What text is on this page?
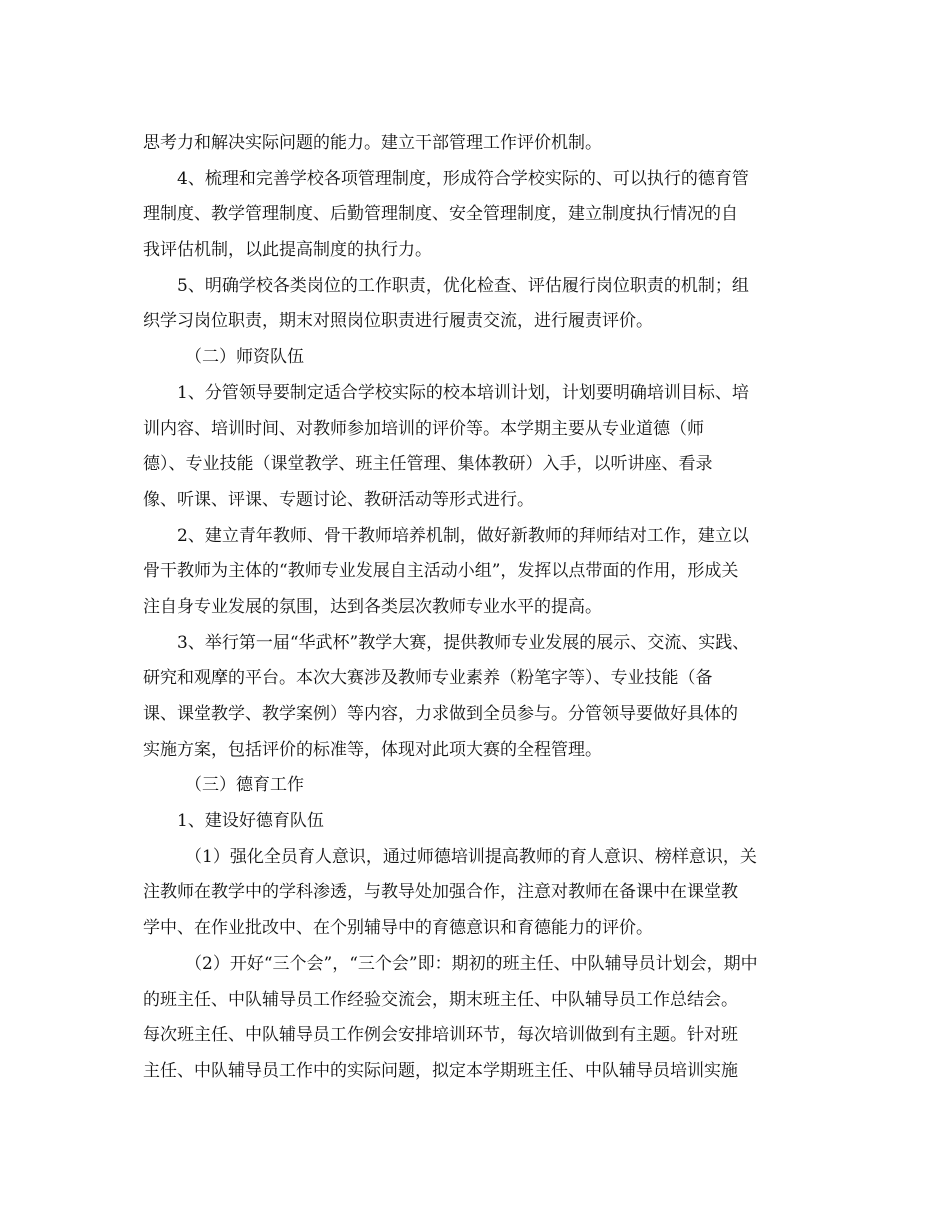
思考力和解决实际问题的能力。建立干部管理工作评价机制。
4、梳理和完善学校各项管理制度，形成符合学校实际的、可以执行的德育管
理制度、教学管理制度、后勤管理制度、安全管理制度，建立制度执行情况的自
我评估机制，以此提高制度的执行力。
5、明确学校各类岗位的工作职责，优化检查、评估履行岗位职责的机制；组
织学习岗位职责，期末对照岗位职责进行履责交流，进行履责评价。
（二）师资队伍
1、分管领导要制定适合学校实际的校本培训计划，计划要明确培训目标、培
训内容、培训时间、对教师参加培训的评价等。本学期主要从专业道德（师
德）、专业技能（课堂教学、班主任管理、集体教研）入手，以听讲座、看录
像、听课、评课、专题讨论、教研活动等形式进行。
2、建立青年教师、骨干教师培养机制，做好新教师的拜师结对工作，建立以
骨干教师为主体的“教师专业发展自主活动小组”，发挥以点带面的作用，形成关
注自身专业发展的氛围，达到各类层次教师专业水平的提高。
3、举行第一届“华武杯”教学大赛，提供教师专业发展的展示、交流、实践、
研究和观摩的平台。本次大赛涉及教师专业素养（粉笔字等）、专业技能（备
课、课堂教学、教学案例）等内容，力求做到全员参与。分管领导要做好具体的
实施方案，包括评价的标准等，体现对此项大赛的全程管理。
（三）德育工作
1、建设好德育队伍
（1）强化全员育人意识，通过师德培训提高教师的育人意识、榜样意识，关
注教师在教学中的学科渗透，与教导处加强合作，注意对教师在备课中在课堂教
学中、在作业批改中、在个别辅导中的育德意识和育德能力的评价。
（2）开好“三个会”，“三个会”即：期初的班主任、中队辅导员计划会，期中
的班主任、中队辅导员工作经验交流会，期末班主任、中队辅导员工作总结会。
每次班主任、中队辅导员工作例会安排培训环节，每次培训做到有主题。针对班
主任、中队辅导员工作中的实际问题，拟定本学期班主任、中队辅导员培训实施
